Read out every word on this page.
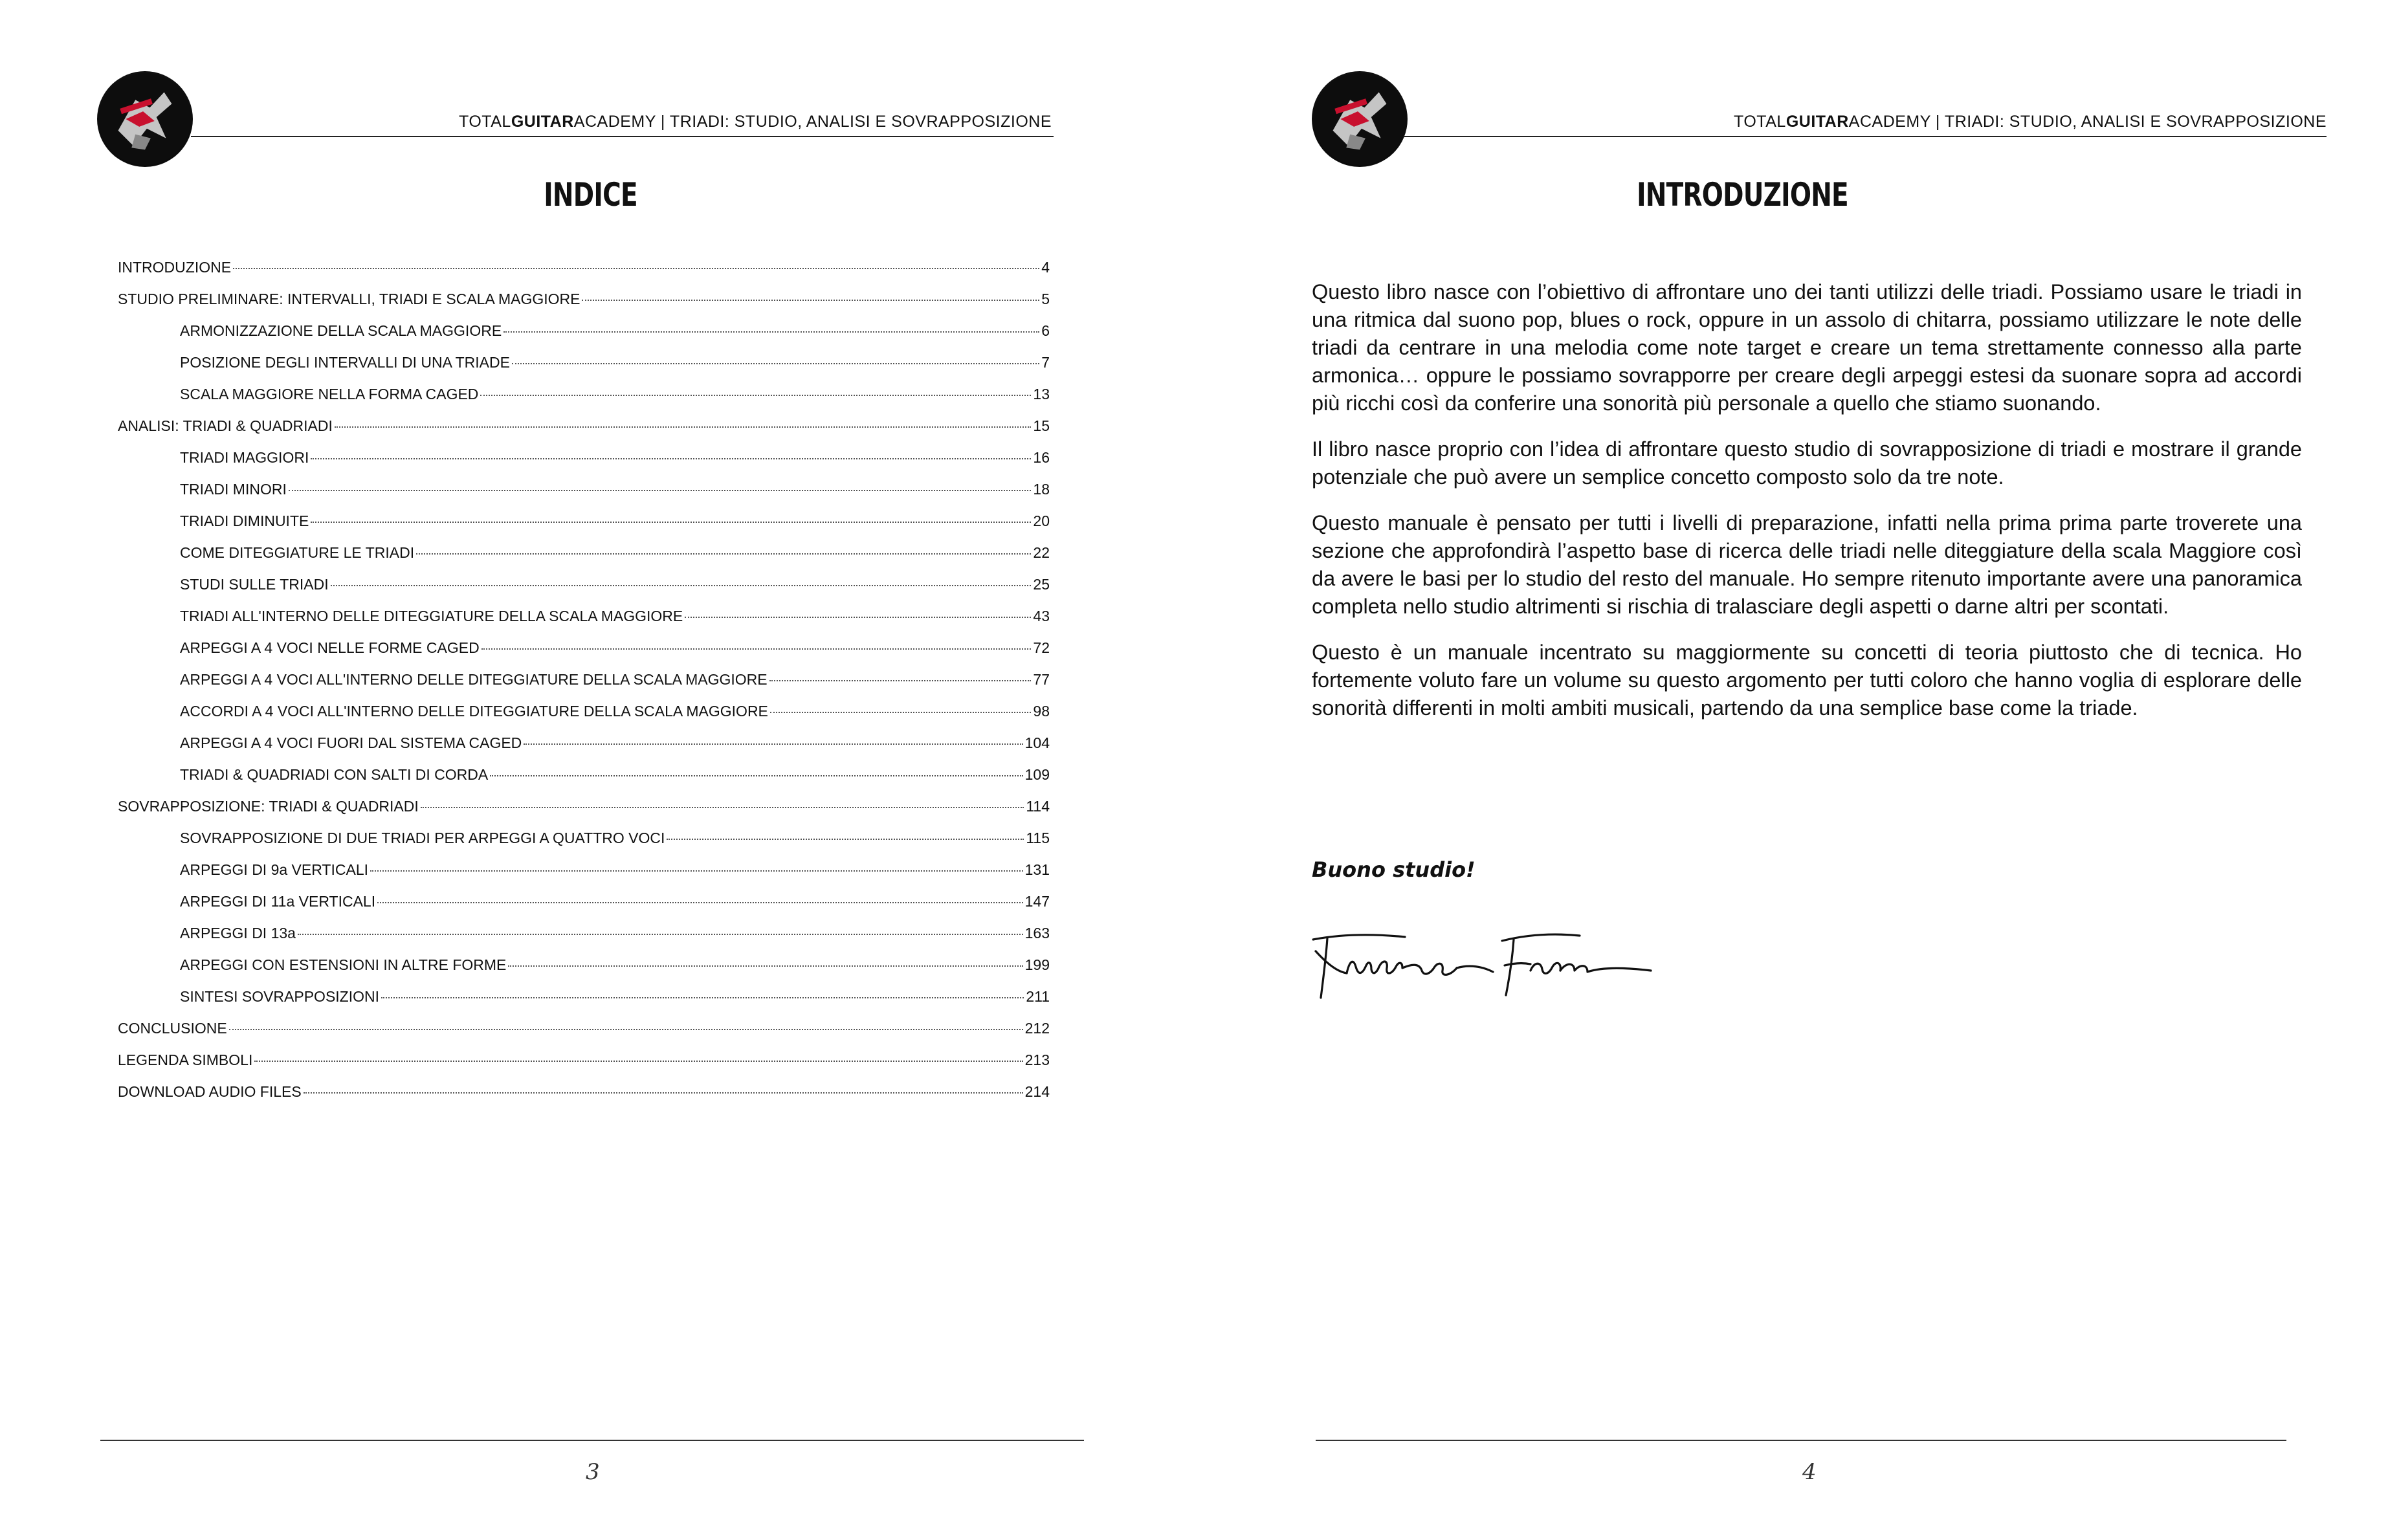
TOTALGUITARACADEMY | TRIADI: STUDIO, ANALISI E SOVRAPPOSIZIONE
INDICE
INTRODUZIONE	4
STUDIO PRELIMINARE: INTERVALLI, TRIADI E SCALA MAGGIORE	5
ARMONIZZAZIONE DELLA SCALA MAGGIORE	6
POSIZIONE DEGLI INTERVALLI DI UNA TRIADE	7
SCALA MAGGIORE NELLA FORMA CAGED	13
ANALISI: TRIADI & QUADRIADI	15
TRIADI MAGGIORI	16
TRIADI MINORI	18
TRIADI DIMINUITE	20
COME DITEGGIATURE LE TRIADI	22
STUDI SULLE TRIADI	25
TRIADI ALL'INTERNO DELLE DITEGGIATURE DELLA SCALA MAGGIORE	43
ARPEGGI A 4 VOCI NELLE FORME CAGED	72
ARPEGGI A 4 VOCI ALL'INTERNO DELLE DITEGGIATURE DELLA SCALA MAGGIORE	77
ACCORDI A 4 VOCI ALL'INTERNO DELLE DITEGGIATURE DELLA SCALA MAGGIORE	98
ARPEGGI A 4 VOCI FUORI DAL SISTEMA CAGED	104
TRIADI & QUADRIADI CON SALTI DI CORDA	109
SOVRAPPOSIZIONE: TRIADI & QUADRIADI	114
SOVRAPPOSIZIONE DI DUE TRIADI PER ARPEGGI A QUATTRO VOCI	115
ARPEGGI DI 9a VERTICALI	131
ARPEGGI DI 11a VERTICALI	147
ARPEGGI DI 13a	163
ARPEGGI CON ESTENSIONI IN ALTRE FORME	199
SINTESI SOVRAPPOSIZIONI	211
CONCLUSIONE	212
LEGENDA SIMBOLI	213
DOWNLOAD AUDIO FILES	214
3
TOTALGUITARACADEMY | TRIADI: STUDIO, ANALISI E SOVRAPPOSIZIONE
INTRODUZIONE

Questo libro nasce con l’obiettivo di affrontare uno dei tanti utilizzi delle triadi. Possiamo usare le triadi in una ritmica dal suono pop, blues o rock, oppure in un assolo di chitarra, possiamo utilizzare le note delle triadi da centrare in una melodia come note target e creare un tema strettamente connesso alla parte armonica… oppure le possiamo sovrapporre per creare degli arpeggi estesi da suonare sopra ad accordi più ricchi così da conferire una sonorità più personale a quello che stiamo suonando.

Il libro nasce proprio con l’idea di affrontare questo studio di sovrapposizione di triadi e mostrare il grande potenziale che può avere un semplice concetto composto solo da tre note.

Questo manuale è pensato per tutti i livelli di preparazione, infatti nella prima prima parte troverete una sezione che approfondirà l’aspetto base di ricerca delle triadi nelle diteggiature della scala Maggiore così da avere le basi per lo studio del resto del manuale. Ho sempre ritenuto importante avere una panoramica completa nello studio altrimenti si rischia di tralasciare degli aspetti o darne altri per scontati.

Questo è un manuale incentrato su maggiormente su concetti di teoria piuttosto che di tecnica. Ho fortemente voluto fare un volume su questo argomento per tutti coloro che hanno voglia di esplorare delle sonorità differenti in molti ambiti musicali, partendo da una semplice base come la triade.

Buono studio!
4
